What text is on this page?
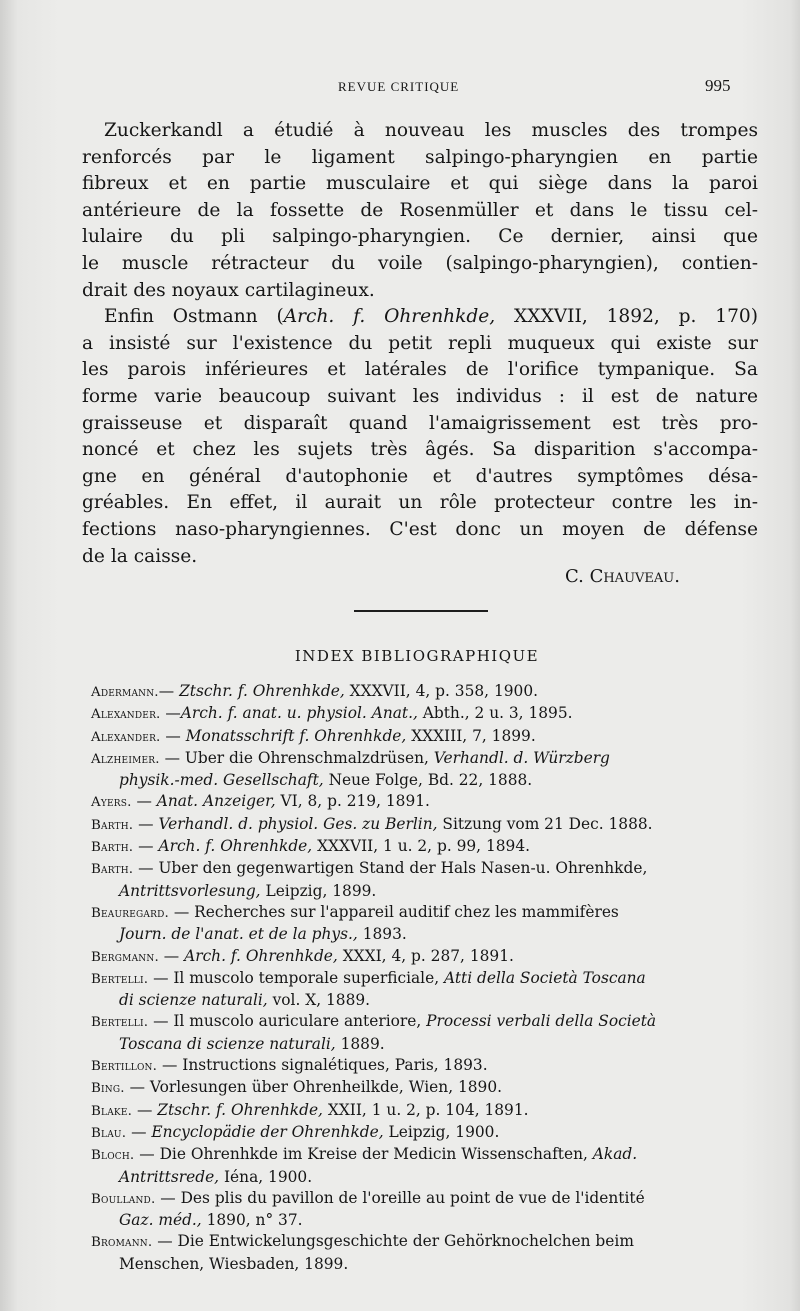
REVUE CRITIQUE	995
Zuckerkandl a étudié à nouveau les muscles des trompes
renforcés par le ligament salpingo-pharyngien en partie
fibreux et en partie musculaire et qui siège dans la paroi
antérieure de la fossette de Rosenmüller et dans le tissu cel-
lulaire du pli salpingo-pharyngien. Ce dernier, ainsi que
le muscle rétracteur du voile (salpingo-pharyngien), contien-
drait des noyaux cartilagineux.
Enfin Ostmann (Arch. f. Ohrenhkde, XXXVII, 1892, p. 170)
a insisté sur l'existence du petit repli muqueux qui existe sur
les parois inférieures et latérales de l'orifice tympanique. Sa
forme varie beaucoup suivant les individus : il est de nature
graisseuse et disparaît quand l'amaigrissement est très pro-
noncé et chez les sujets très âgés. Sa disparition s'accompa-
gne en général d'autophonie et d'autres symptômes désa-
gréables. En effet, il aurait un rôle protecteur contre les in-
fections naso-pharyngiennes. C'est donc un moyen de défense
de la caisse.
C. Chauveau.
INDEX BIBLIOGRAPHIQUE
Adermann.— Ztschr. f. Ohrenhkde, XXXVII, 4, p. 358, 1900.
Alexander. —Arch. f. anat. u. physiol. Anat., Abth., 2 u. 3, 1895.
Alexander. — Monatsschrift f. Ohrenhkde, XXXIII, 7, 1899.
Alzheimer. — Uber die Ohrenschmalzdrüsen, Verhandl. d. Würzberg
physik.-med. Gesellschaft, Neue Folge, Bd. 22, 1888.
Ayers. — Anat. Anzeiger, VI, 8, p. 219, 1891.
Barth. — Verhandl. d. physiol. Ges. zu Berlin, Sitzung vom 21 Dec. 1888.
Barth. — Arch. f. Ohrenhkde, XXXVII, 1 u. 2, p. 99, 1894.
Barth. — Uber den gegenwartigen Stand der Hals Nasen-u. Ohrenhkde,
Antrittsvorlesung, Leipzig, 1899.
Beauregard. — Recherches sur l'appareil auditif chez les mammifères
Journ. de l'anat. et de la phys., 1893.
Bergmann. — Arch. f. Ohrenhkde, XXXI, 4, p. 287, 1891.
Bertelli. — Il muscolo temporale superficiale, Atti della Società Toscana
di scienze naturali, vol. X, 1889.
Bertelli. — Il muscolo auriculare anteriore, Processi verbali della Società
Toscana di scienze naturali, 1889.
Bertillon. — Instructions signalétiques, Paris, 1893.
Bing. — Vorlesungen über Ohrenheilkde, Wien, 1890.
Blake. — Ztschr. f. Ohrenhkde, XXII, 1 u. 2, p. 104, 1891.
Blau. — Encyclopädie der Ohrenhkde, Leipzig, 1900.
Bloch. — Die Ohrenhkde im Kreise der Medicin Wissenschaften, Akad.
Antrittsrede, Iéna, 1900.
Boulland. — Des plis du pavillon de l'oreille au point de vue de l'identité
Gaz. méd., 1890, n° 37.
Bromann. — Die Entwickelungsgeschichte der Gehörknochelchen beim
Menschen, Wiesbaden, 1899.
